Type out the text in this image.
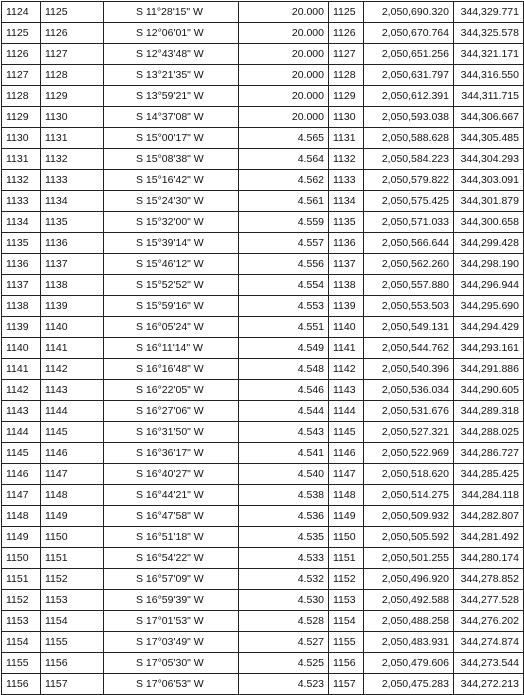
1124	1125	S 11°28'15" W	20.000	1125	2,050,690.320	344,329.771
1125	1126	S 12°06'01" W	20.000	1126	2,050,670.764	344,325.578
1126	1127	S 12°43'48" W	20.000	1127	2,050,651.256	344,321.171
1127	1128	S 13°21'35" W	20.000	1128	2,050,631.797	344,316.550
1128	1129	S 13°59'21" W	20.000	1129	2,050,612.391	344,311.715
1129	1130	S 14°37'08" W	20.000	1130	2,050,593.038	344,306.667
1130	1131	S 15°00'17" W	4.565	1131	2,050,588.628	344,305.485
1131	1132	S 15°08'38" W	4.564	1132	2,050,584.223	344,304.293
1132	1133	S 15°16'42" W	4.562	1133	2,050,579.822	344,303.091
1133	1134	S 15°24'30" W	4.561	1134	2,050,575.425	344,301.879
1134	1135	S 15°32'00" W	4.559	1135	2,050,571.033	344,300.658
1135	1136	S 15°39'14" W	4.557	1136	2,050,566.644	344,299.428
1136	1137	S 15°46'12" W	4.556	1137	2,050,562.260	344,298.190
1137	1138	S 15°52'52" W	4.554	1138	2,050,557.880	344,296.944
1138	1139	S 15°59'16" W	4.553	1139	2,050,553.503	344,295.690
1139	1140	S 16°05'24" W	4.551	1140	2,050,549.131	344,294.429
1140	1141	S 16°11'14" W	4.549	1141	2,050,544.762	344,293.161
1141	1142	S 16°16'48" W	4.548	1142	2,050,540.396	344,291.886
1142	1143	S 16°22'05" W	4.546	1143	2,050,536.034	344,290.605
1143	1144	S 16°27'06" W	4.544	1144	2,050,531.676	344,289.318
1144	1145	S 16°31'50" W	4.543	1145	2,050,527.321	344,288.025
1145	1146	S 16°36'17" W	4.541	1146	2,050,522.969	344,286.727
1146	1147	S 16°40'27" W	4.540	1147	2,050,518.620	344,285.425
1147	1148	S 16°44'21" W	4.538	1148	2,050,514.275	344,284.118
1148	1149	S 16°47'58" W	4.536	1149	2,050,509.932	344,282.807
1149	1150	S 16°51'18" W	4.535	1150	2,050,505.592	344,281.492
1150	1151	S 16°54'22" W	4.533	1151	2,050,501.255	344,280.174
1151	1152	S 16°57'09" W	4.532	1152	2,050,496.920	344,278.852
1152	1153	S 16°59'39" W	4.530	1153	2,050,492.588	344,277.528
1153	1154	S 17°01'53" W	4.528	1154	2,050,488.258	344,276.202
1154	1155	S 17°03'49" W	4.527	1155	2,050,483.931	344,274.874
1155	1156	S 17°05'30" W	4.525	1156	2,050,479.606	344,273.544
1156	1157	S 17°06'53" W	4.523	1157	2,050,475.283	344,272.213
